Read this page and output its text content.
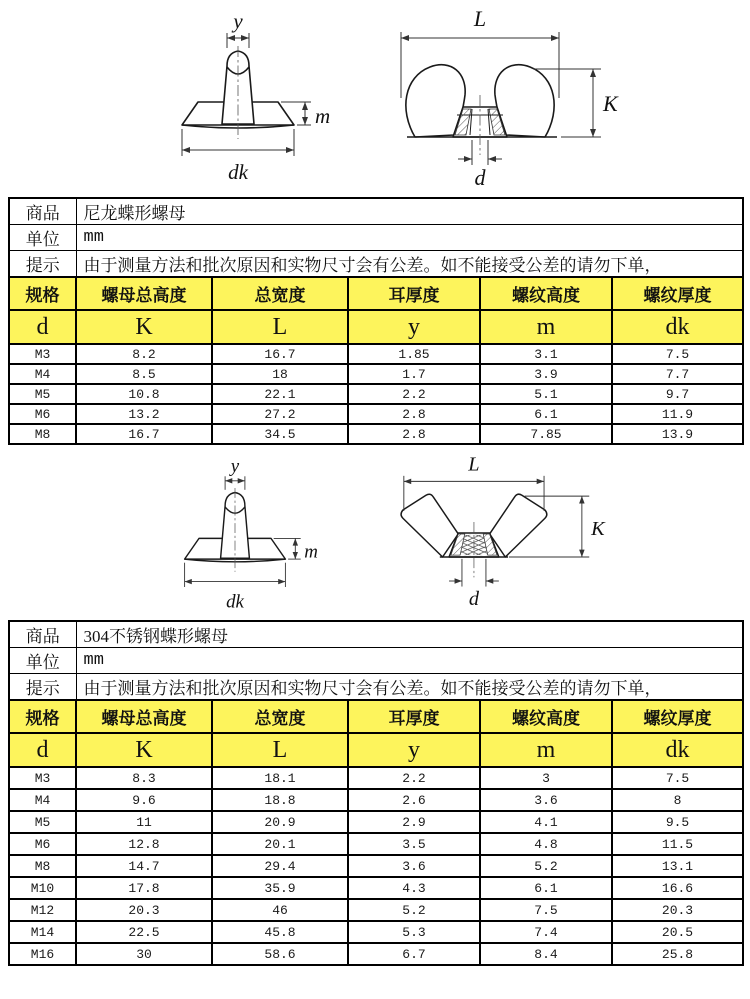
y
m
dk
L
K
d
商品	尼龙蝶形螺母				
单位	mm				
提示	由于测量方法和批次原因和实物尺寸会有公差。如不能接受公差的请勿下单，				
规格	螺母总高度	总宽度	耳厚度	螺纹高度	螺纹厚度
d	K	L	y	m	dk
M3	8.2	16.7	1.85	3.1	7.5
M4	8.5	18	1.7	3.9	7.7
M5	10.8	22.1	2.2	5.1	9.7
M6	13.2	27.2	2.8	6.1	11.9
M8	16.7	34.5	2.8	7.85	13.9
y
m
dk
L
K
d
商品	304不锈钢蝶形螺母				
单位	mm				
提示	由于测量方法和批次原因和实物尺寸会有公差。如不能接受公差的请勿下单，				
规格	螺母总高度	总宽度	耳厚度	螺纹高度	螺纹厚度
d	K	L	y	m	dk
M3	8.3	18.1	2.2	3	7.5
M4	9.6	18.8	2.6	3.6	8
M5	11	20.9	2.9	4.1	9.5
M6	12.8	20.1	3.5	4.8	11.5
M8	14.7	29.4	3.6	5.2	13.1
M10	17.8	35.9	4.3	6.1	16.6
M12	20.3	46	5.2	7.5	20.3
M14	22.5	45.8	5.3	7.4	20.5
M16	30	58.6	6.7	8.4	25.8
